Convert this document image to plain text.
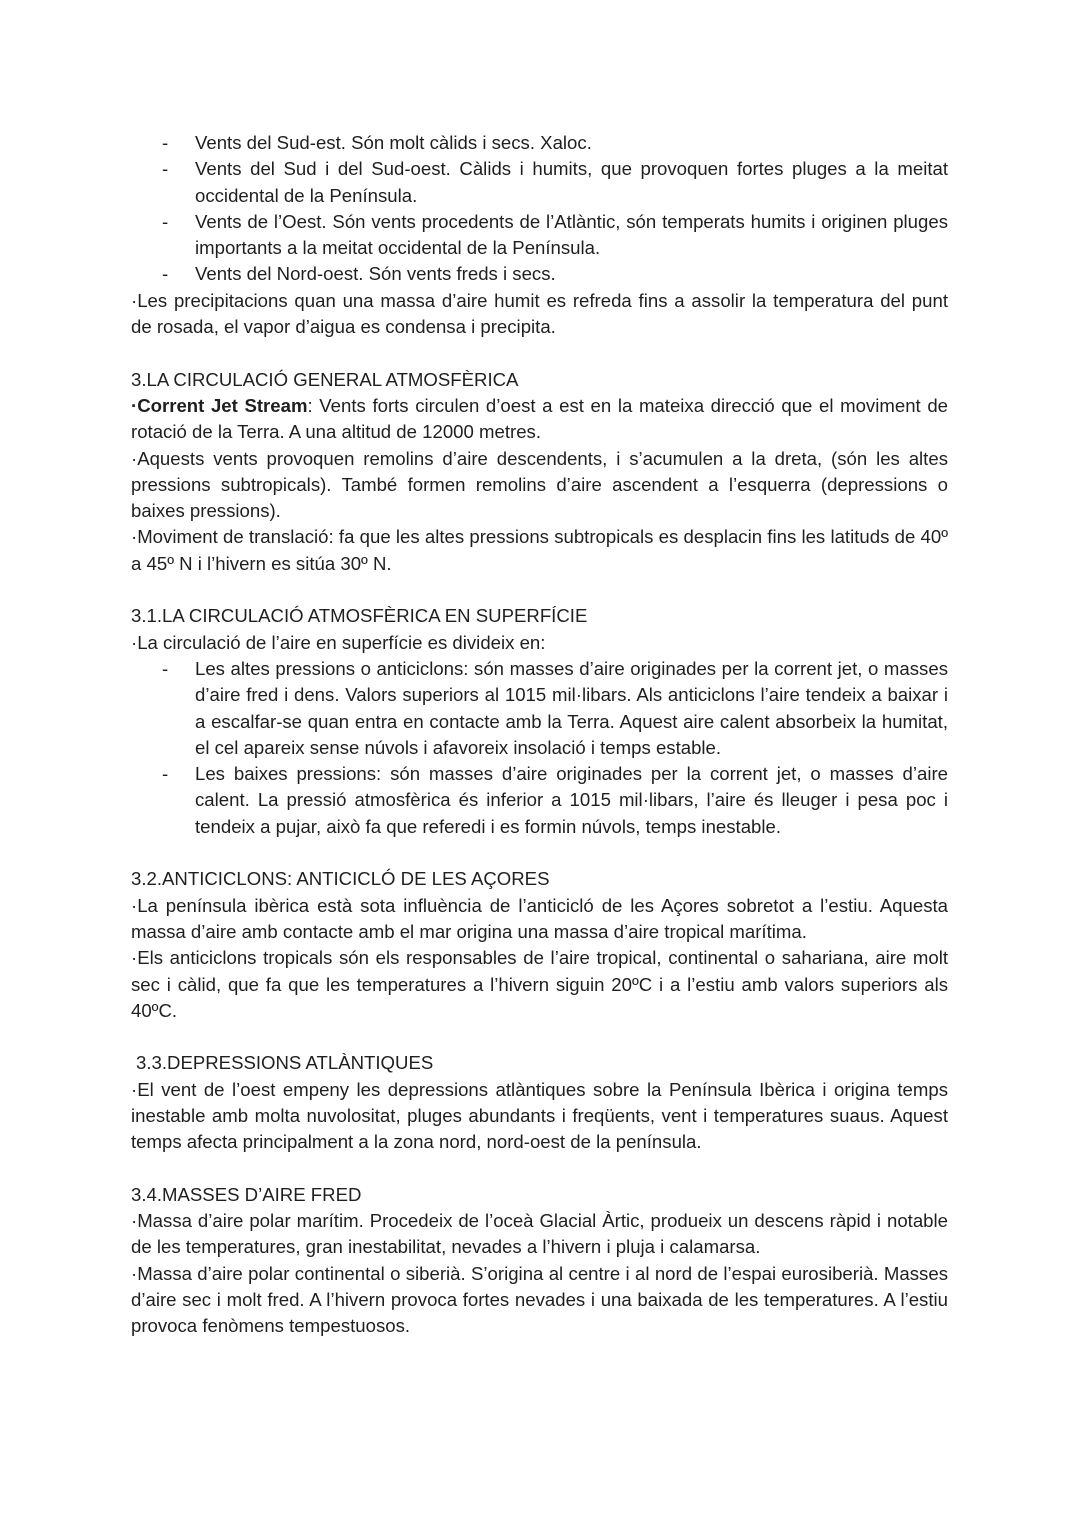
- Vents del Sud-est. Són molt càlids i secs. Xaloc.
- Vents del Sud i del Sud-oest. Càlids i humits, que provoquen fortes pluges a la meitat occidental de la Península.
- Vents de l’Oest. Són vents procedents de l’Atlàntic, són temperats humits i originen pluges importants a la meitat occidental de la Península.
- Vents del Nord-oest. Són vents freds i secs.

·Les precipitacions quan una massa d’aire humit es refreda fins a assolir la temperatura del punt de rosada, el vapor d’aigua es condensa i precipita.

3.LA CIRCULACIÓ GENERAL ATMOSFÈRICA

·Corrent Jet Stream: Vents forts circulen d’oest a est en la mateixa direcció que el moviment de rotació de la Terra. A una altitud de 12000 metres.

·Aquests vents provoquen remolins d’aire descendents, i s’acumulen a la dreta, (són les altes pressions subtropicals). També formen remolins d’aire ascendent a l’esquerra (depressions o baixes pressions).

·Moviment de translació: fa que les altes pressions subtropicals es desplacin fins les latituds de 40º a 45º N i l’hivern es sitúa 30º N.

3.1.LA CIRCULACIÓ ATMOSFÈRICA EN SUPERFÍCIE

·La circulació de l’aire en superfície es divideix en:

- Les altes pressions o anticiclons: són masses d’aire originades per la corrent jet, o masses d’aire fred i dens. Valors superiors al 1015 mil·libars. Als anticiclons l’aire tendeix a baixar i a escalfar-se quan entra en contacte amb la Terra. Aquest aire calent absorbeix la humitat, el cel apareix sense núvols i afavoreix insolació i temps estable.
- Les baixes pressions: són masses d’aire originades per la corrent jet, o masses d’aire calent. La pressió atmosfèrica és inferior a 1015 mil·libars, l’aire és lleuger i pesa poc i tendeix a pujar, això fa que referedi i es formin núvols, temps inestable.
3.2.ANTICICLONS: ANTICICLÓ DE LES AÇORES

·La península ibèrica està sota influència de l’anticicló de les Açores sobretot a l’estiu. Aquesta massa d’aire amb contacte amb el mar origina una massa d’aire tropical marítima.

·Els anticiclons tropicals són els responsables de l’aire tropical, continental o sahariana, aire molt sec i càlid, que fa que les temperatures a l’hivern siguin 20ºC i a l’estiu amb valors superiors als 40ºC.

3.3.DEPRESSIONS ATLÀNTIQUES

·El vent de l’oest empeny les depressions atlàntiques sobre la Península Ibèrica i origina temps inestable amb molta nuvolositat, pluges abundants i freqüents, vent i temperatures suaus. Aquest temps afecta principalment a la zona nord, nord-oest de la península.

3.4.MASSES D’AIRE FRED

·Massa d’aire polar marítim. Procedeix de l’oceà Glacial Àrtic, produeix un descens ràpid i notable de les temperatures, gran inestabilitat, nevades a l’hivern i pluja i calamarsa.

·Massa d’aire polar continental o siberià. S’origina al centre i al nord de l’espai eurosiberià. Masses d’aire sec i molt fred. A l’hivern provoca fortes nevades i una baixada de les temperatures. A l’estiu provoca fenòmens tempestuosos.
